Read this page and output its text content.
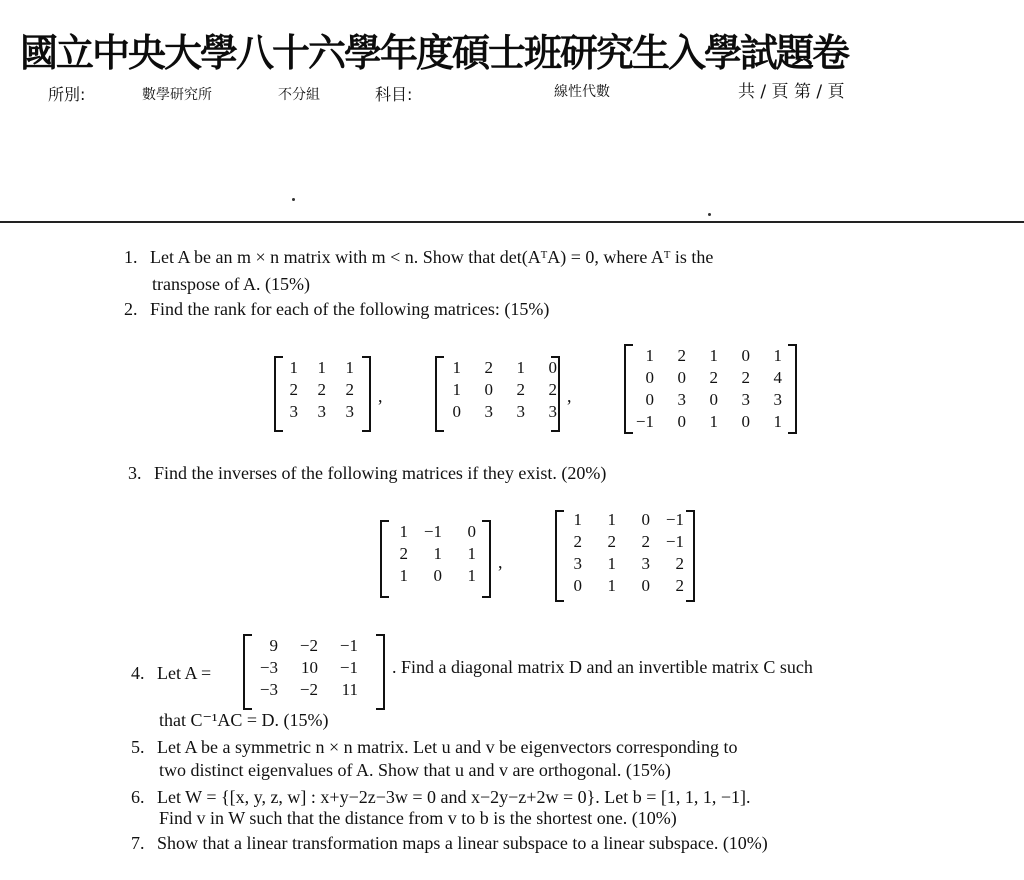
國立中央大學八十六學年度碩士班研究生入學試題卷
所別:	數學研究所	不分組	科目:	線性代數	共 / 頁 第 / 頁
1. Let A be an m × n matrix with m < n. Show that det(AᵀA) = 0, where Aᵀ is the
transpose of A. (15%)
2. Find the rank for each of the following matrices: (15%)
1	1	1
2	2	2
3	3	3
,
1	2	1	0
1	0	2	2
0	3	3	3
,
1	2	1	0	1
0	0	2	2	4
0	3	0	3	3
−1	0	1	0	1
3. Find the inverses of the following matrices if they exist. (20%)
1 −1	0
2	1	1
1	0	1
,
1	1	0 −1
2	2	2 −1
3	1	3	2
0	1	0	2
4. Let A =
9	−2	−1
−3	10	−1
−3	−2	11
. Find a diagonal matrix D and an invertible matrix C such
that C⁻¹AC = D. (15%)
5. Let A be a symmetric n × n matrix. Let u and v be eigenvectors corresponding to
two distinct eigenvalues of A. Show that u and v are orthogonal. (15%)
6. Let W = {[x, y, z, w] : x+y−2z−3w = 0 and x−2y−z+2w = 0}. Let b = [1, 1, 1, −1].
Find v in W such that the distance from v to b is the shortest one. (10%)
7. Show that a linear transformation maps a linear subspace to a linear subspace. (10%)
